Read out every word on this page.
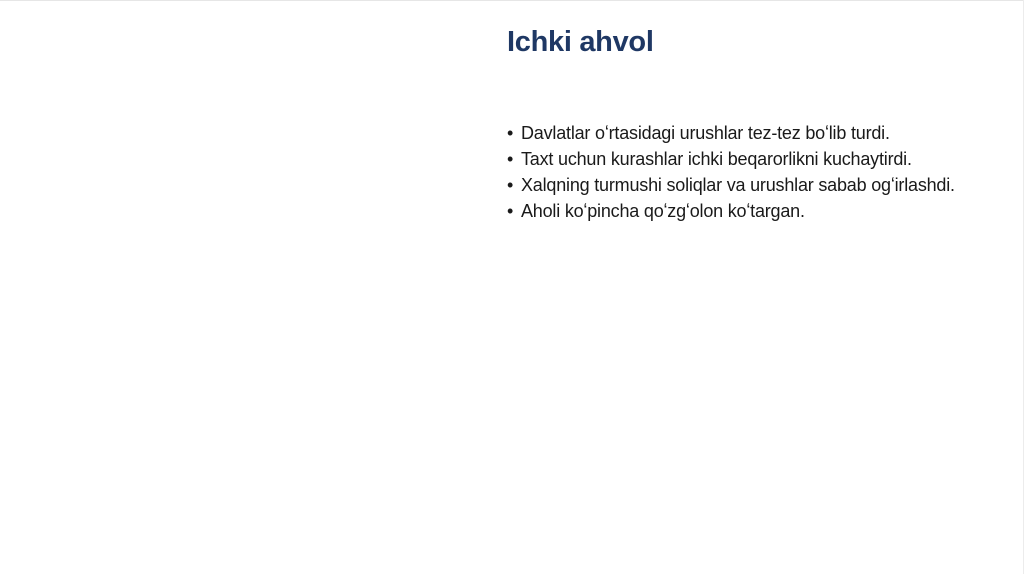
Ichki ahvol
• Davlatlar oʻrtasidagi urushlar tez-tez boʻlib turdi.
• Taxt uchun kurashlar ichki beqarorlikni kuchaytirdi.
• Xalqning turmushi soliqlar va urushlar sabab ogʻirlashdi.
• Aholi koʻpincha qoʻzgʻolon koʻtargan.
